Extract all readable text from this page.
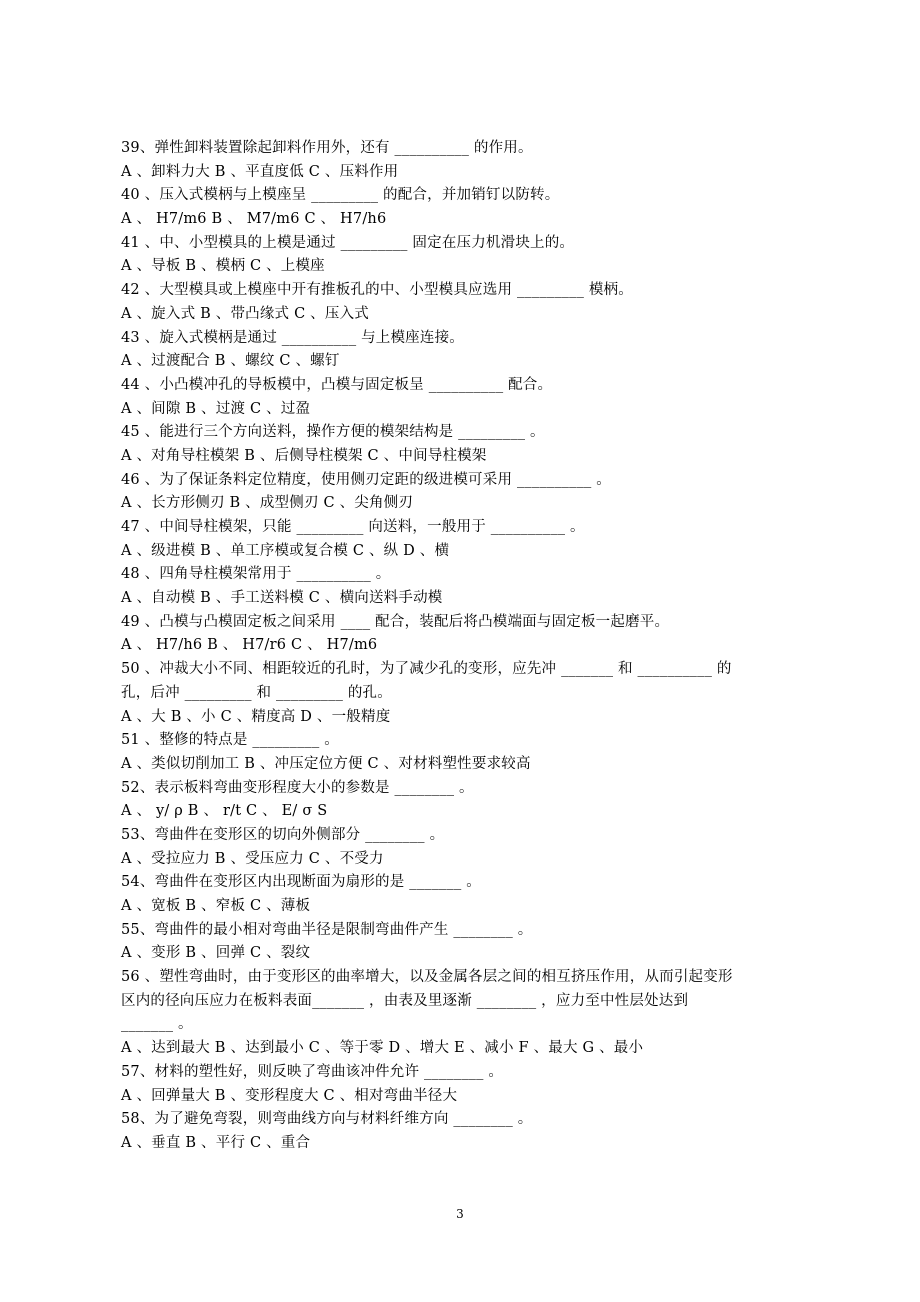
39、弹性卸料装置除起卸料作用外，还有 __________ 的作用。
A 、卸料力大 B 、平直度低 C 、压料作用
40 、压入式模柄与上模座呈 _________ 的配合，并加销钉以防转。
A 、 H7/m6 B 、 M7/m6 C 、 H7/h6
41 、中、小型模具的上模是通过 _________ 固定在压力机滑块上的。
A 、导板 B 、模柄 C 、上模座
42 、大型模具或上模座中开有推板孔的中、小型模具应选用 _________ 模柄。
A 、旋入式 B 、带凸缘式 C 、压入式
43 、旋入式模柄是通过 __________ 与上模座连接。
A 、过渡配合 B 、螺纹 C 、螺钉
44 、小凸模冲孔的导板模中，凸模与固定板呈 __________ 配合。
A 、间隙 B 、过渡 C 、过盈
45 、能进行三个方向送料，操作方便的模架结构是 _________ 。
A 、对角导柱模架 B 、后侧导柱模架 C 、中间导柱模架
46 、为了保证条料定位精度，使用侧刃定距的级进模可采用 __________ 。
A 、长方形侧刃 B 、成型侧刃 C 、尖角侧刃
47 、中间导柱模架，只能 _________ 向送料，一般用于 __________ 。
A 、级进模 B 、单工序模或复合模 C 、纵 D 、横
48 、四角导柱模架常用于 __________ 。
A 、自动模 B 、手工送料模 C 、横向送料手动模
49 、凸模与凸模固定板之间采用 ____ 配合，装配后将凸模端面与固定板一起磨平。
A 、 H7/h6 B 、 H7/r6 C 、 H7/m6
50 、冲裁大小不同、相距较近的孔时，为了减少孔的变形，应先冲 _______ 和 __________ 的
孔，后冲 _________ 和 _________ 的孔。
A 、大 B 、小 C 、精度高 D 、一般精度
51 、整修的特点是 _________ 。
A 、类似切削加工 B 、冲压定位方便 C 、对材料塑性要求较高
52、表示板料弯曲变形程度大小的参数是 ________ 。
A 、 y/ ρ B 、 r/t C 、 E/ σ S
53、弯曲件在变形区的切向外侧部分 ________ 。
A 、受拉应力 B 、受压应力 C 、不受力
54、弯曲件在变形区内出现断面为扇形的是 _______ 。
A 、宽板 B 、窄板 C 、薄板
55、弯曲件的最小相对弯曲半径是限制弯曲件产生 ________ 。
A 、变形 B 、回弹 C 、裂纹
56 、塑性弯曲时，由于变形区的曲率增大，以及金属各层之间的相互挤压作用，从而引起变形
区内的径向压应力在板料表面_______ ，由表及里逐渐 ________ ，应力至中性层处达到
_______ 。
A 、达到最大 B 、达到最小 C 、等于零 D 、增大 E 、减小 F 、最大 G 、最小
57、材料的塑性好，则反映了弯曲该冲件允许 ________ 。
A 、回弹量大 B 、变形程度大 C 、相对弯曲半径大
58、为了避免弯裂，则弯曲线方向与材料纤维方向 ________ 。
A 、垂直 B 、平行 C 、重合
3
